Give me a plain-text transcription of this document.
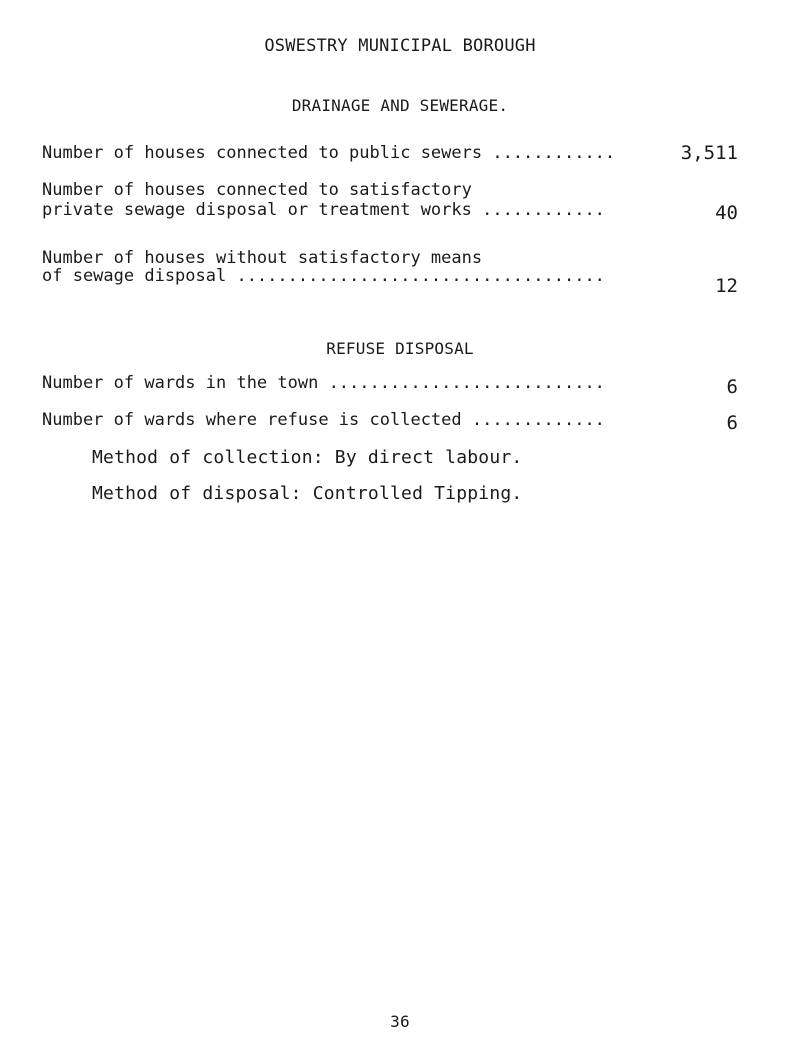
OSWESTRY MUNICIPAL BOROUGH
DRAINAGE AND SEWERAGE.
Number of houses connected to public sewers ............	3,511
Number of houses connected to satisfactory
private sewage disposal or treatment works ............	40
Number of houses without satisfactory means
of sewage disposal ....................................	12
REFUSE DISPOSAL
Number of wards in the town ...........................	6
Number of wards where refuse is collected .............	6
Method of collection: By direct labour.
Method of disposal: Controlled Tipping.
36
